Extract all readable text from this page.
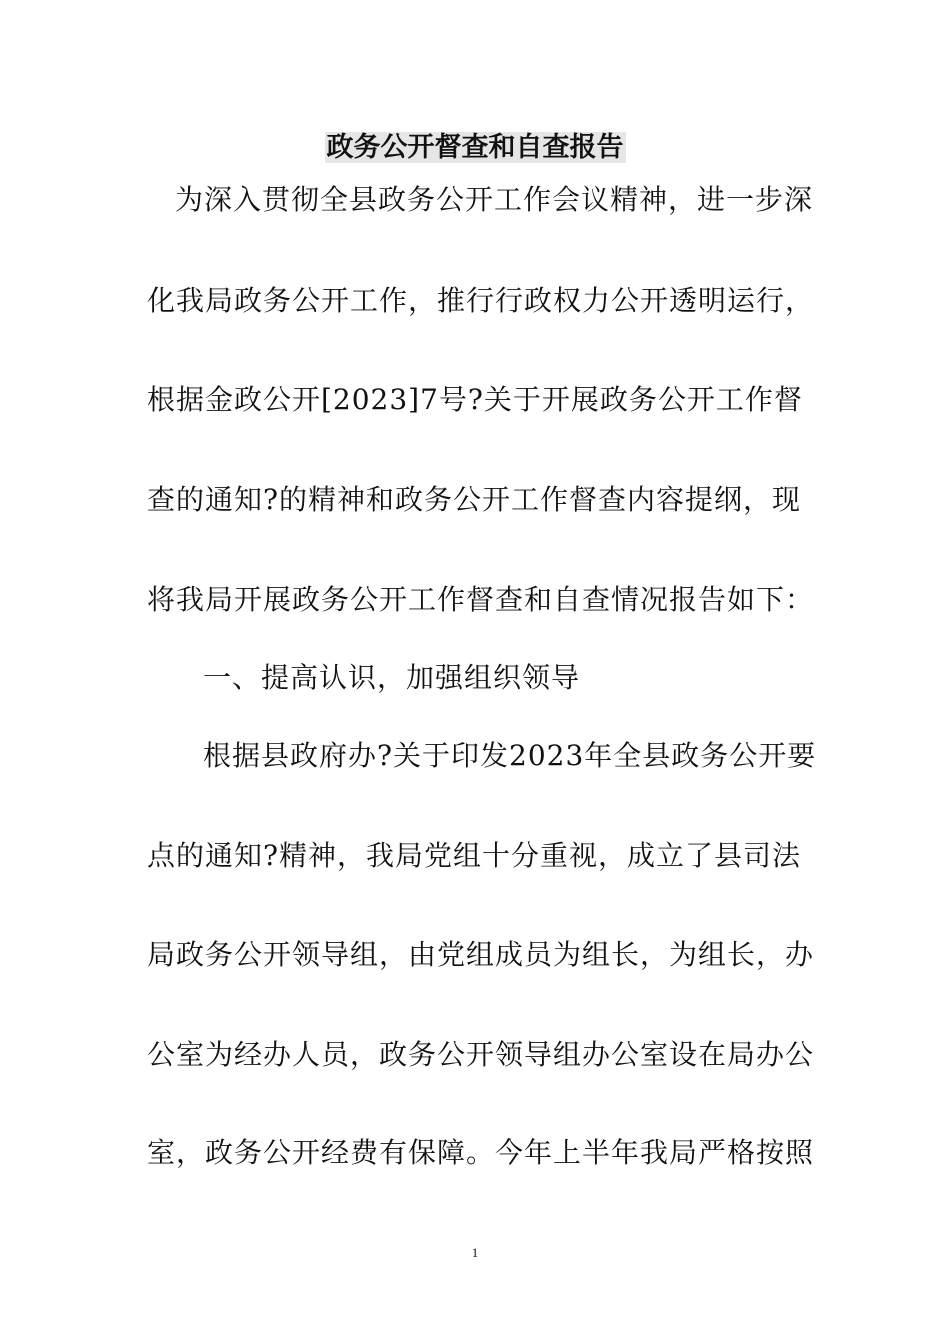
政务公开督查和自查报告
为深入贯彻全县政务公开工作会议精神，进一步深
化我局政务公开工作，推行行政权力公开透明运行，
根据金政公开[2023]7号?关于开展政务公开工作督
查的通知?的精神和政务公开工作督查内容提纲，现
将我局开展政务公开工作督查和自查情况报告如下：
一、提高认识，加强组织领导
根据县政府办?关于印发2023年全县政务公开要
点的通知?精神，我局党组十分重视，成立了县司法
局政务公开领导组，由党组成员为组长，为组长，办
公室为经办人员，政务公开领导组办公室设在局办公
室，政务公开经费有保障。今年上半年我局严格按照
1
